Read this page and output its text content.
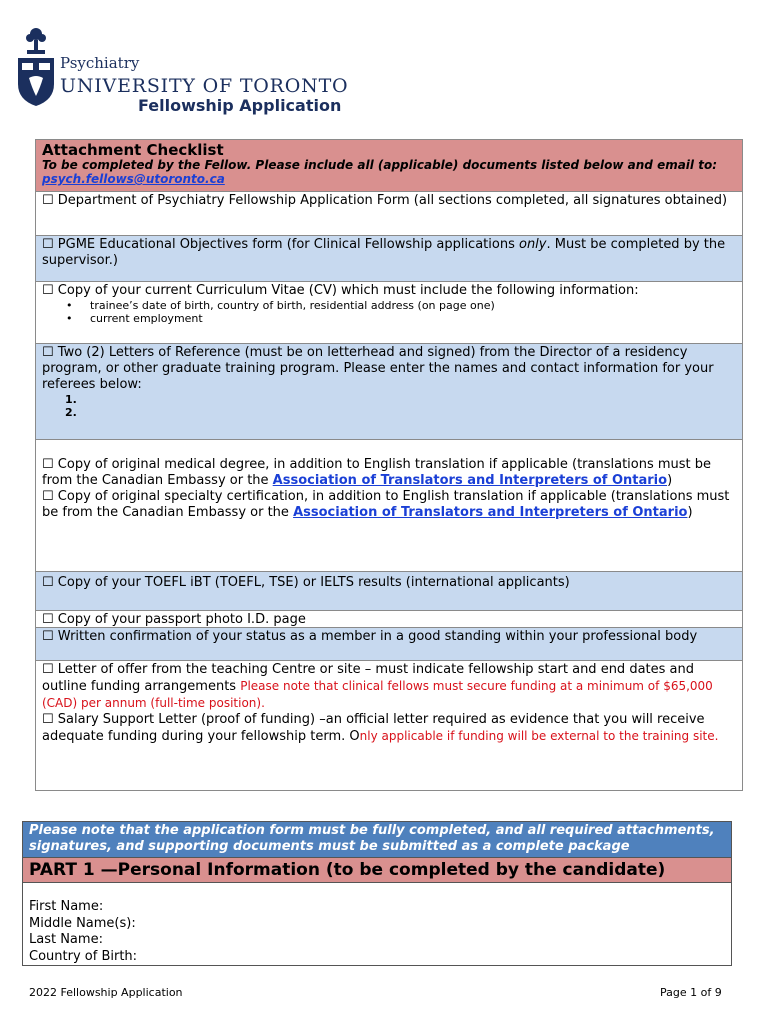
Psychiatry
UNIVERSITY OF TORONTO
Fellowship Application
Attachment Checklist
To be completed by the Fellow. Please include all (applicable) documents listed below and email to: psych.fellows@utoronto.ca
☐ Department of Psychiatry Fellowship Application Form (all sections completed, all signatures obtained)
☐ PGME Educational Objectives form (for Clinical Fellowship applications only. Must be completed by the supervisor.)
☐ Copy of your current Curriculum Vitae (CV) which must include the following information:
• trainee’s date of birth, country of birth, residential address (on page one)
• current employment
☐ Two (2) Letters of Reference (must be on letterhead and signed) from the Director of a residency program, or other graduate training program. Please enter the names and contact information for your referees below:
1.
2.
☐ Copy of original medical degree, in addition to English translation if applicable (translations must be from the Canadian Embassy or the Association of Translators and Interpreters of Ontario)
☐ Copy of original specialty certification, in addition to English translation if applicable (translations must be from the Canadian Embassy or the Association of Translators and Interpreters of Ontario)
☐ Copy of your TOEFL iBT (TOEFL, TSE) or IELTS results (international applicants)
☐ Copy of your passport photo I.D. page
☐ Written confirmation of your status as a member in a good standing within your professional body
☐ Letter of offer from the teaching Centre or site – must indicate fellowship start and end dates and outline funding arrangements Please note that clinical fellows must secure funding at a minimum of $65,000 (CAD) per annum (full-time position).
☐ Salary Support Letter (proof of funding) –an official letter required as evidence that you will receive adequate funding during your fellowship term. Only applicable if funding will be external to the training site.
Please note that the application form must be fully completed, and all required attachments, signatures, and supporting documents must be submitted as a complete package
PART 1 —Personal Information (to be completed by the candidate)
First Name:
Middle Name(s):
Last Name:
Country of Birth:
2022 Fellowship Application	Page 1 of 9
